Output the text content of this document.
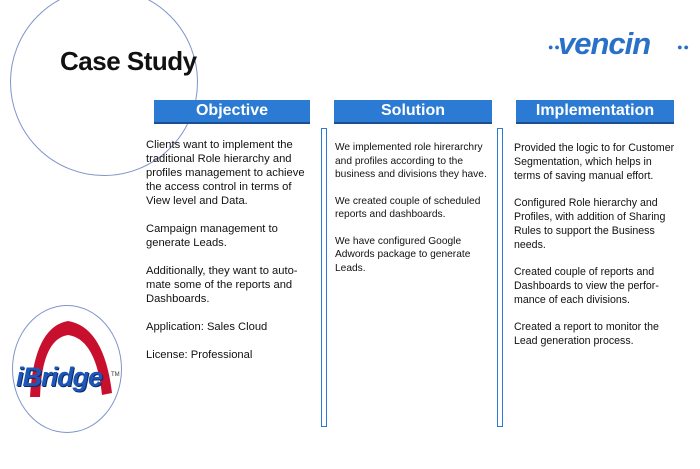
Case Study	●●
vencin	●●
Objective	Solution	Implementation

Clients want to implement the traditional Role hierarchy and profiles management to achieve the access control in terms of View level and Data.

Campaign management to generate Leads.

Additionally, they want to auto-mate some of the reports and Dashboards.

Application: Sales Cloud

License: Professional

We implemented role hirerarchry and profiles according to the business and divisions they have.

We created couple of scheduled reports and dashboards.

We have configured Google Adwords package to generate Leads.

Provided the logic to for Customer Segmentation, which helps in terms of saving manual effort.

Configured Role hierarchy and Profiles, with addition of Sharing Rules to support the Business needs.

Created couple of reports and Dashboards to view the perfor-mance of each divisions.

Created a report to monitor the Lead generation process.

iBridge TM
